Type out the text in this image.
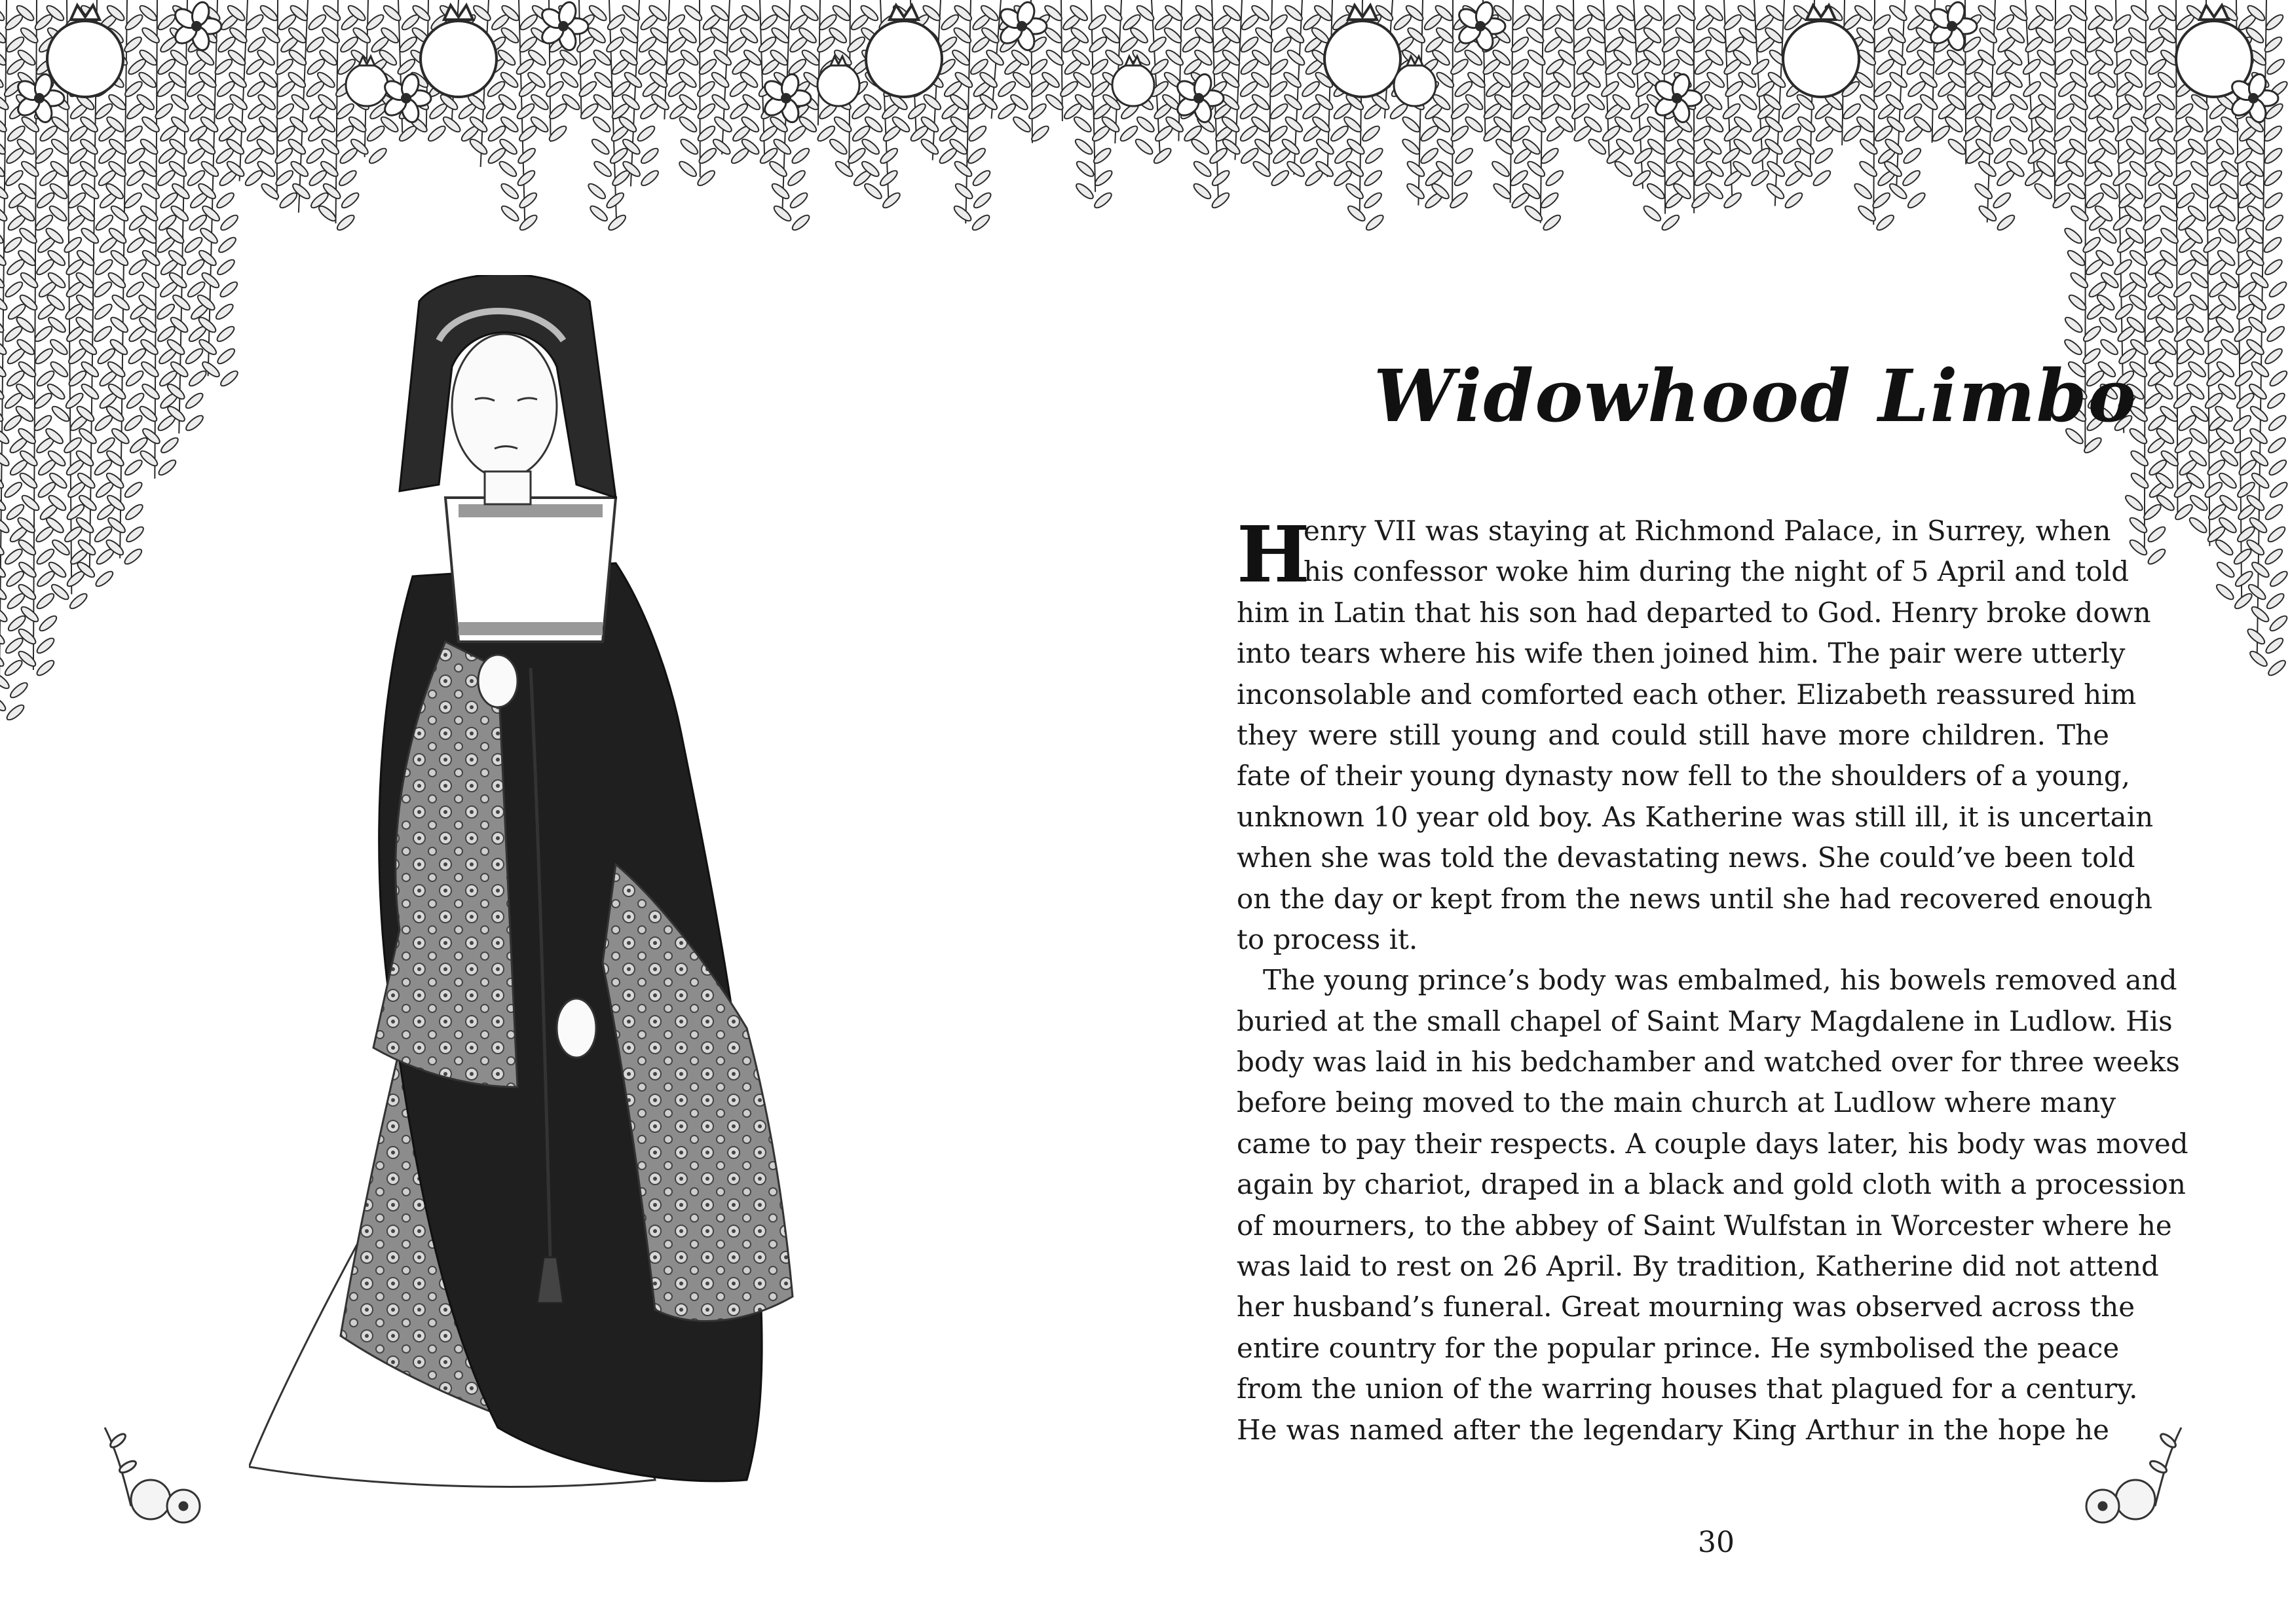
Widowhood Limbo
H
enry VII was staying at Richmond Palace, in Surrey, when
his confessor woke him during the night of 5 April and told
him in Latin that his son had departed to God. Henry broke down
into tears where his wife then joined him. The pair were utterly
inconsolable and comforted each other. Elizabeth reassured him
they were still young and could still have more children. The
fate of their young dynasty now fell to the shoulders of a young,
unknown 10 year old boy. As Katherine was still ill, it is uncertain
when she was told the devastating news. She could’ve been told
on the day or kept from the news until she had recovered enough
to process it.
The young prince’s body was embalmed, his bowels removed and
buried at the small chapel of Saint Mary Magdalene in Ludlow. His
body was laid in his bedchamber and watched over for three weeks
before being moved to the main church at Ludlow where many
came to pay their respects. A couple days later, his body was moved
again by chariot, draped in a black and gold cloth with a procession
of mourners, to the abbey of Saint Wulfstan in Worcester where he
was laid to rest on 26 April. By tradition, Katherine did not attend
her husband’s funeral. Great mourning was observed across the
entire country for the popular prince. He symbolised the peace
from the union of the warring houses that plagued for a century.
He was named after the legendary King Arthur in the hope he
30
